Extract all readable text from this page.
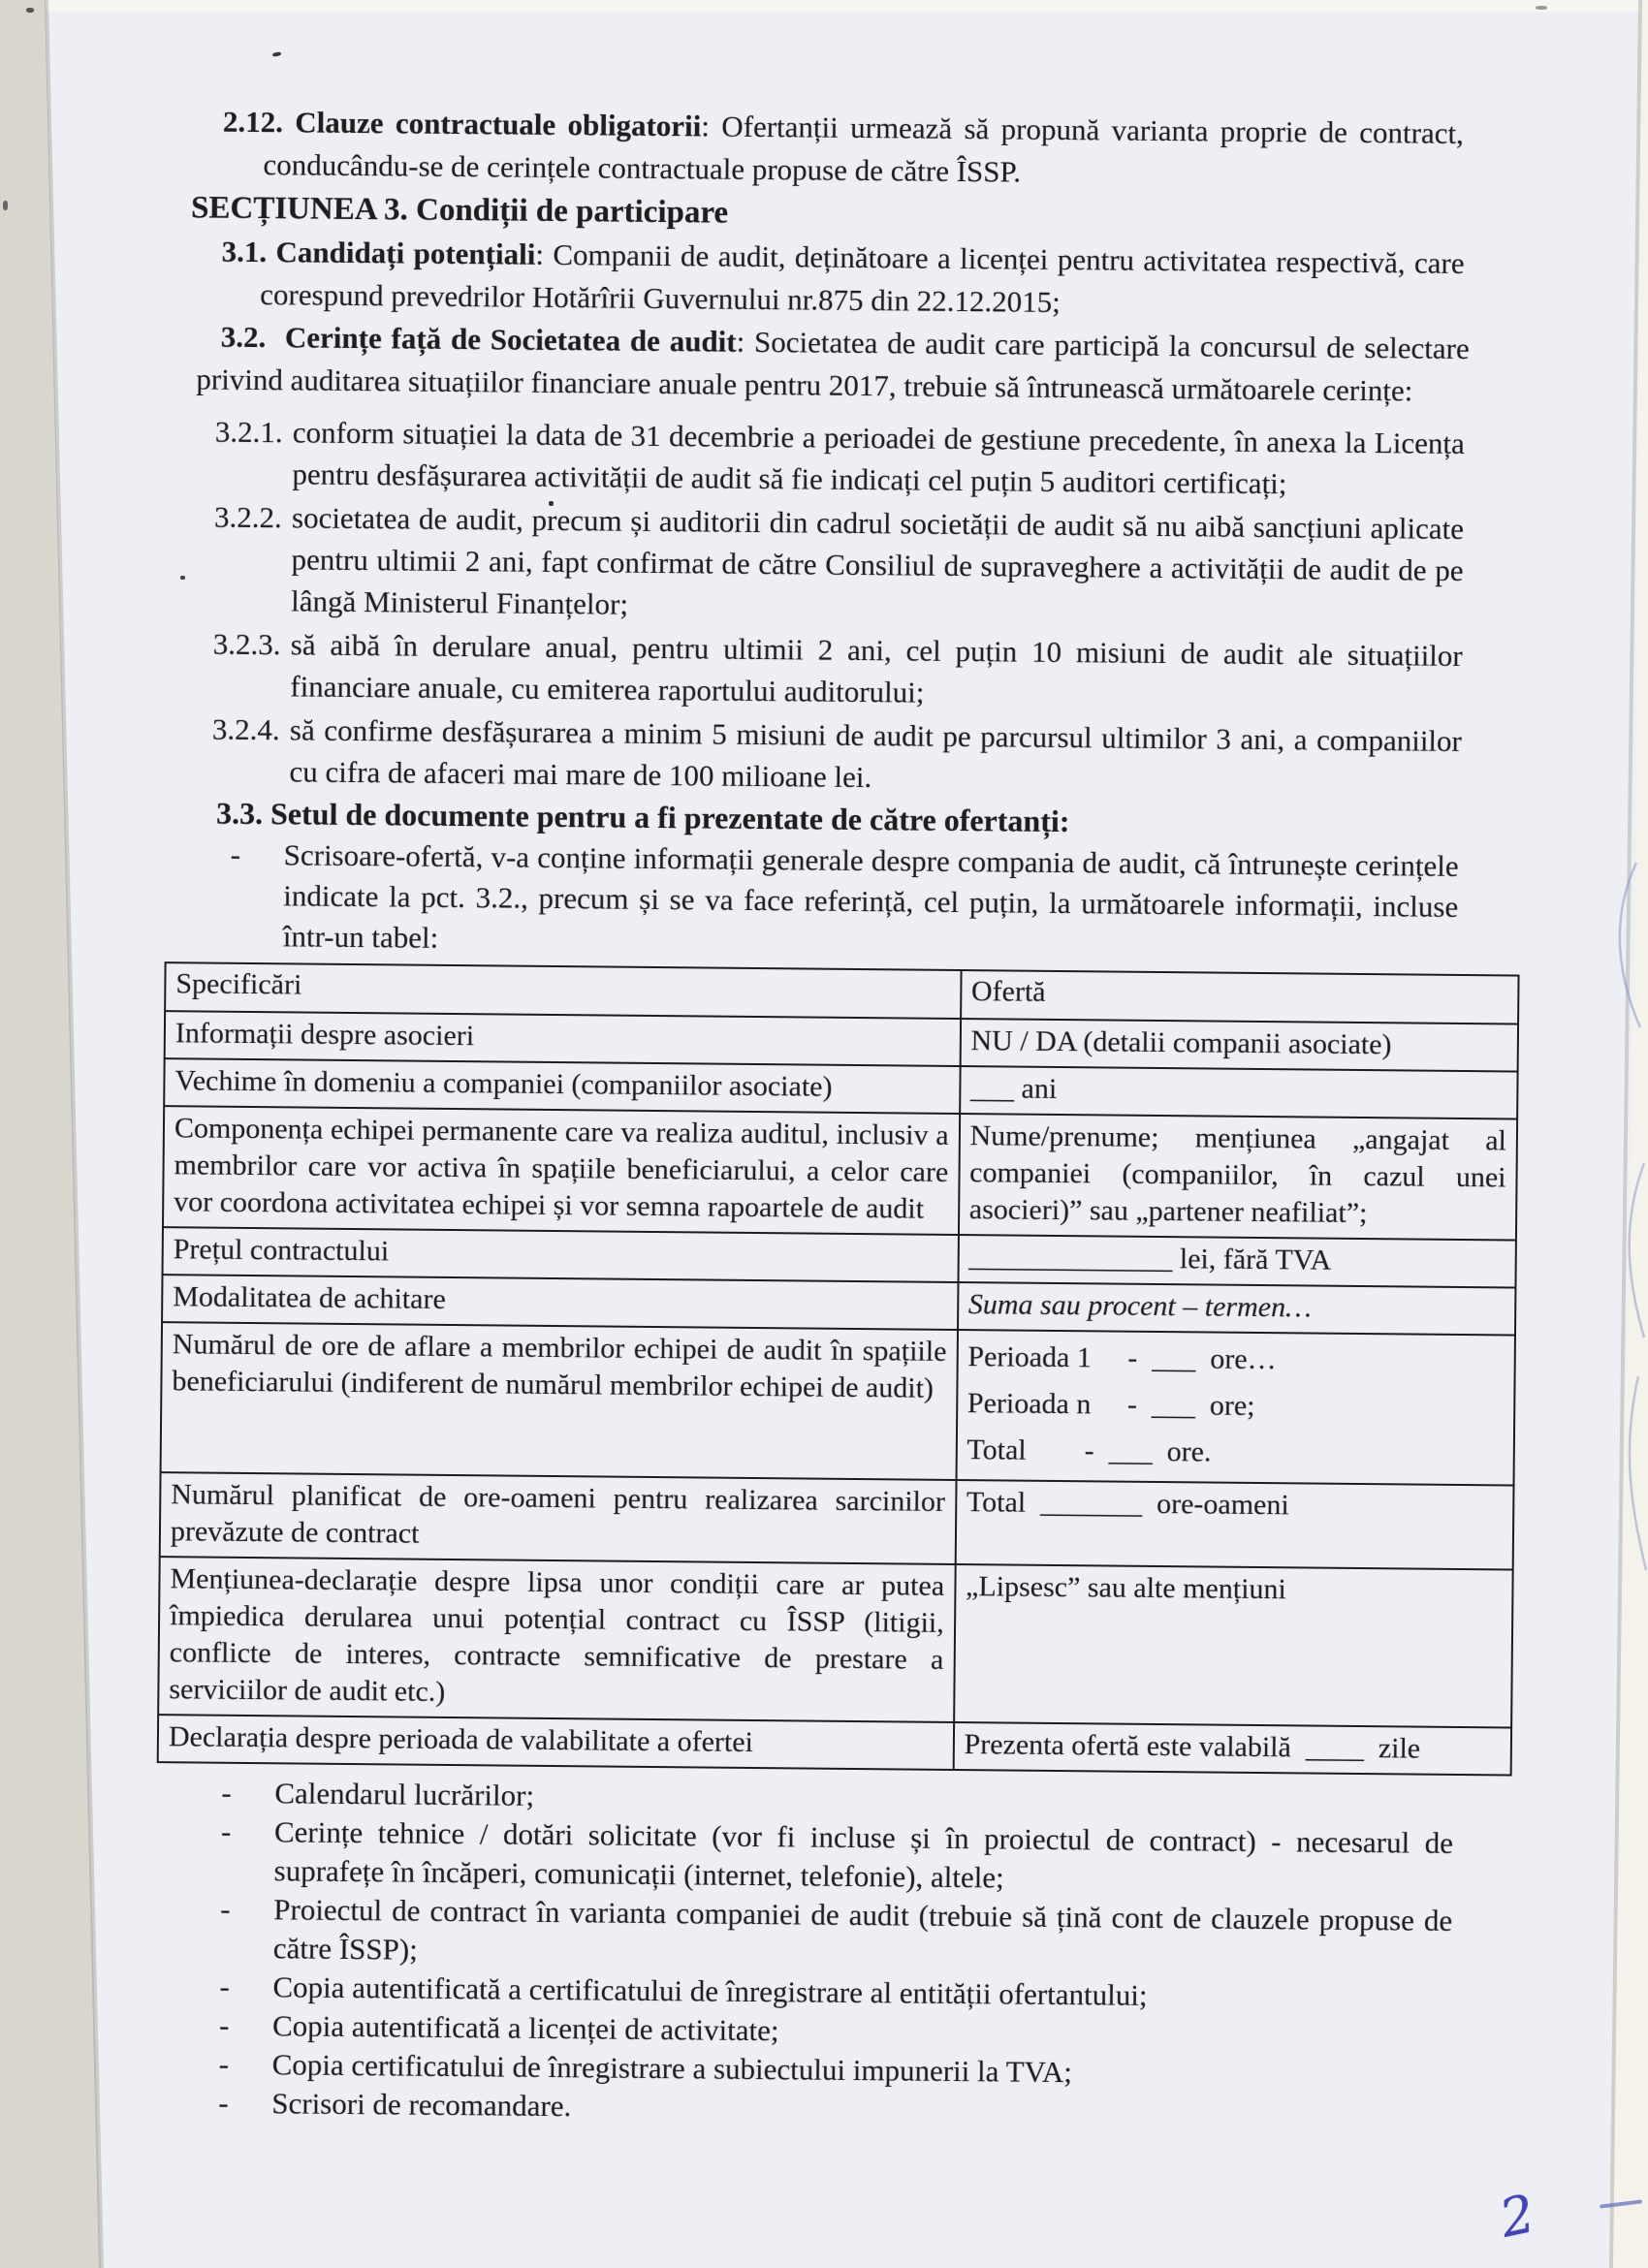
2.12. Clauze contractuale obligatorii: Ofertanții urmează să propună varianta proprie de contract, conducându-se de cerințele contractuale propuse de către ÎSSP.

SECȚIUNEA 3. Condiții de participare

3.1. Candidați potențiali: Companii de audit, deținătoare a licenței pentru activitatea respectivă, care corespund prevedrilor Hotărîrii Guvernului nr.875 din 22.12.2015;

3.2.  Cerințe față de Societatea de audit: Societatea de audit care participă la concursul de selectare privind auditarea situațiilor financiare anuale pentru 2017, trebuie să întrunească următoarele cerințe:

3.2.1. conform situației la data de 31 decembrie a perioadei de gestiune precedente, în anexa la Licența pentru desfășurarea activității de audit să fie indicați cel puțin 5 auditori certificați;
3.2.2. societatea de audit, precum și auditorii din cadrul societății de audit să nu aibă sancțiuni aplicate pentru ultimii 2 ani, fapt confirmat de către Consiliul de supraveghere a activității de audit de pe lângă Ministerul Finanțelor;
3.2.3. să aibă în derulare anual, pentru ultimii 2 ani, cel puțin 10 misiuni de audit ale situațiilor financiare anuale, cu emiterea raportului auditorului;
3.2.4. să confirme desfășurarea a minim 5 misiuni de audit pe parcursul ultimilor 3 ani, a companiilor cu cifra de afaceri mai mare de 100 milioane lei.
3.3. Setul de documente pentru a fi prezentate de către ofertanți:

- Scrisoare-ofertă, v-a conține informații generale despre compania de audit, că întrunește cerințele indicate la pct. 3.2., precum și se va face referință, cel puțin, la următoarele informații, incluse într-un tabel:

Specificări	Ofertă
Informații despre asocieri	NU / DA (detalii companii asociate)
Vechime în domeniu a companiei (companiilor asociate)	___ ani
Componența echipei permanente care va realiza auditul, inclusiv a membrilor care vor activa în spațiile beneficiarului, a celor care vor coordona activitatea echipei și vor semna rapoartele de audit	Nume/prenume; mențiunea „angajat al companiei (companiilor, în cazul unei asocieri)” sau „partener neafiliat”;
Prețul contractului	______________ lei, fără TVA
Modalitatea de achitare	Suma sau procent – termen…
Numărul de ore de aflare a membrilor echipei de audit în spațiile beneficiarului (indiferent de numărul membrilor echipei de audit)	Perioada 1     -  ___  ore…
Perioada n     -  ___  ore;
Total        -  ___  ore.

Numărul planificat de ore-oameni pentru realizarea sarcinilor prevăzute de contract	Total  _______  ore-oameni
Mențiunea-declarație despre lipsa unor condiții care ar putea împiedica derularea unui potențial contract cu ÎSSP (litigii, conflicte de interes, contracte semnificative de prestare a serviciilor de audit etc.)	„Lipsesc” sau alte mențiuni
Declarația despre perioada de valabilitate a ofertei	Prezenta ofertă este valabilă  ____  zile

- Calendarul lucrărilor;

- Cerințe tehnice / dotări solicitate (vor fi incluse și în proiectul de contract) - necesarul de suprafețe în încăperi, comunicații (internet, telefonie), altele;

- Proiectul de contract în varianta companiei de audit (trebuie să țină cont de clauzele propuse de către ÎSSP);

- Copia autentificată a certificatului de înregistrare al entității ofertantului;

- Copia autentificată a licenței de activitate;

- Copia certificatului de înregistrare a subiectului impunerii la TVA;

- Scrisori de recomandare.

2
